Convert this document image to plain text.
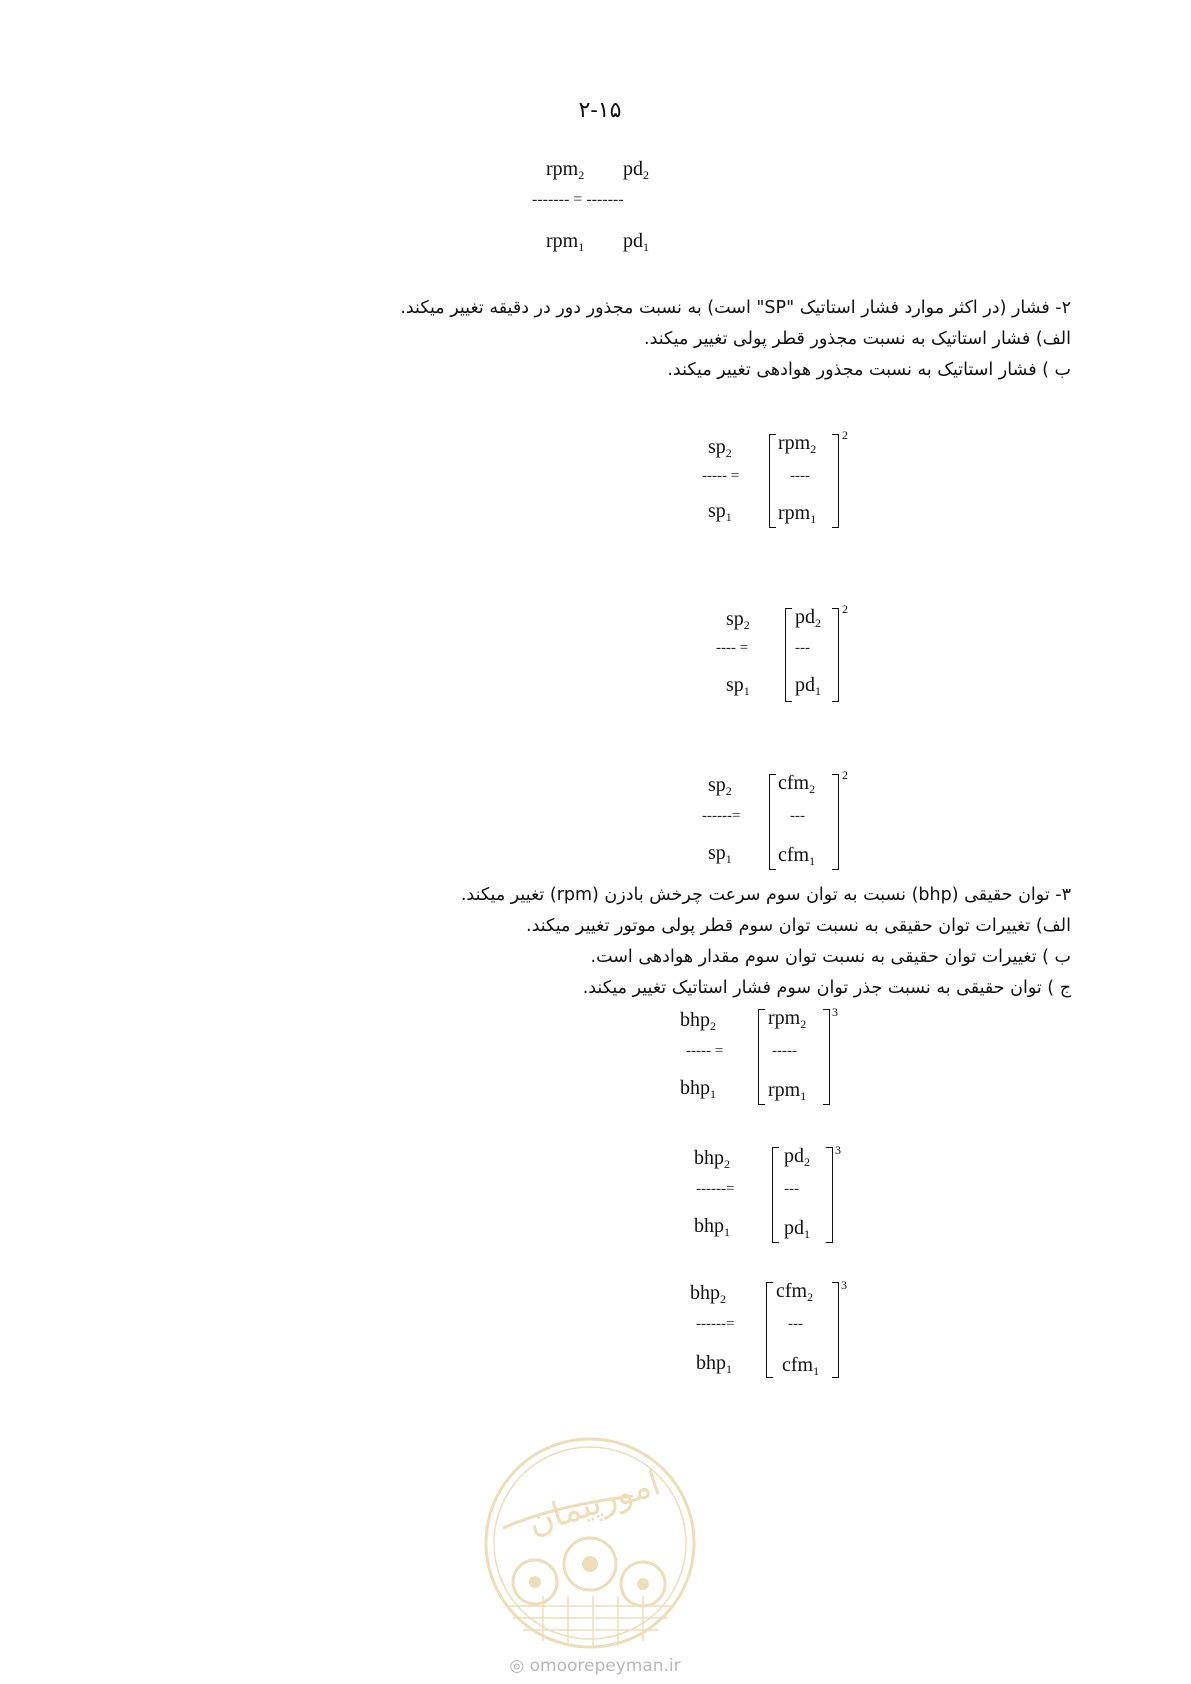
۲-۱۵
rpm$_2$ $pd_2$
------- = -------
rpm$_1$ $pd_1$
۲- فشار (در اکثر موارد فشار استاتیک "SP" است) به نسبت مجذور دور در دقیقه تغییر میکند.
الف) فشار استاتیک به نسبت مجذور قطر پولی تغییر میکند.
ب ) فشار استاتیک به نسبت مجذور هوادهی تغییر میکند.
$sp_2$
----- =
$sp_1$
rpm$_2$
----
rpm$_1$
2
$sp_2$
---- =
$sp_1$
$pd_2$
---
$pd_1$
2
$sp_2$
------=
$sp_1$
cfm$_2$
---
cfm$_1$
2
۳- توان حقیقی (bhp) نسبت به توان سوم سرعت چرخش بادزن (rpm) تغییر میکند.
الف) تغییرات توان حقیقی به نسبت توان سوم قطر پولی موتور تغییر میکند.
ب ) تغییرات توان حقیقی به نسبت توان سوم مقدار هوادهی است.
ج ) توان حقیقی به نسبت جذر توان سوم فشار استاتیک تغییر میکند.
bhp$_2$
----- =
bhp$_1$
rpm$_2$
-----
rpm$_1$
3
bhp$_2$
------=
bhp$_1$
$pd_2$
---
$pd_1$
3
bhp$_2$
------=
bhp$_1$
cfm$_2$
---
cfm$_1$
3
امورپیمان
◎ omoorepeyman.ir
